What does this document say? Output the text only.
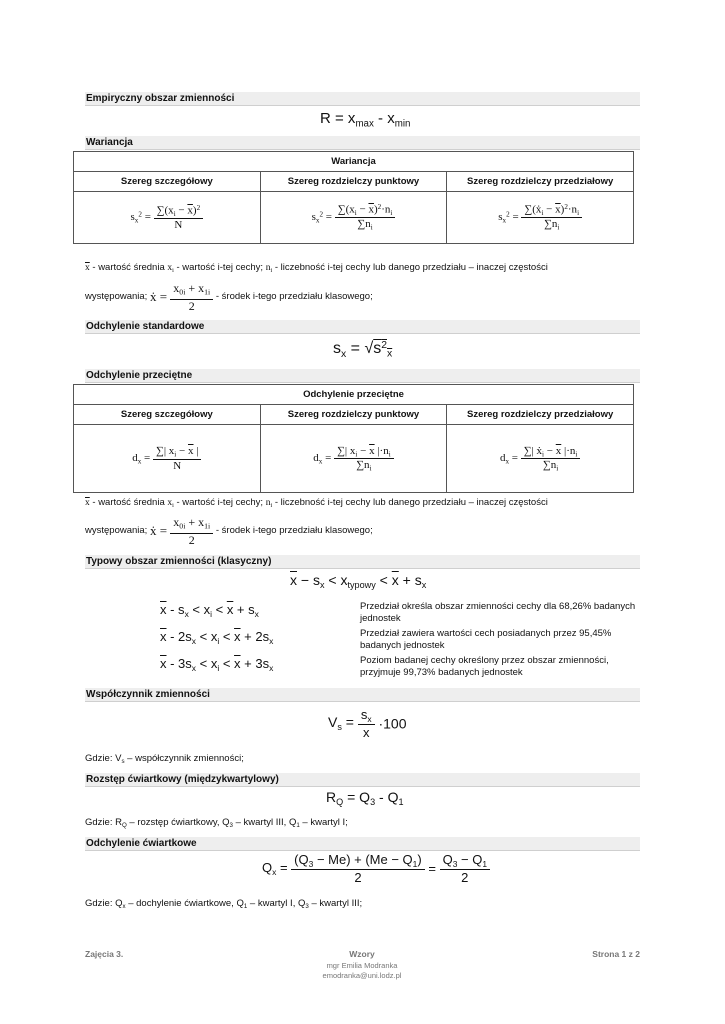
Empiryczny obszar zmienności
$R = x_{max} - x_{min}$
Wariancja
Wariancja		
Szereg szczegółowy	Szereg rozdzielczy punktowy	Szereg rozdzielczy przedziałowy
$s_x^2 = \frac{\sum(x_i - \overline{x})^2}{N}$	$s_x^2 = \frac{\sum(x_i - \overline{x})^2\cdot n_i}{\sum n_i}$	$s_x^2 = \frac{\sum(ẋ_i - \overline{x})^2\cdot n_i}{\sum n_i}$
$\overline{x}$ - wartość średnia $x_i$ - wartość i-tej cechy; $n_i$ - liczebność i-tej cechy lub danego przedziału – inaczej częstości
występowania; ẋ = $\frac{x_{0i} + x_{1i}}{2}$ - środek i-tego przedziału klasowego;
Odchylenie standardowe
$s_x = √s^2_x$
Odchylenie przeciętne
Odchylenie przeciętne		
Szereg szczegółowy	Szereg rozdzielczy punktowy	Szereg rozdzielczy przedziałowy
$d_x = \frac{\sum| x_i - \overline{x} |}{N}$	$d_x = \frac{\sum| x_i - \overline{x} |\cdot n_i}{\sum n_i}$	$d_x = \frac{\sum| ẋ_i - \overline{x} |\cdot n_i}{\sum n_i}$
$\overline{x}$ - wartość średnia $x_i$ - wartość i-tej cechy; $n_i$ - liczebność i-tej cechy lub danego przedziału – inaczej częstości
występowania; ẋ = $\frac{x_{0i} + x_{1i}}{2}$ - środek i-tego przedziału klasowego;
Typowy obszar zmienności (klasyczny)
$\overline{x} - s_x < x_{typowy} < \overline{x} + s_x$
$\overline{x} - s_x < x_i < \overline{x} + s_x$
Przedział określa obszar zmienności cechy dla 68,26% badanych jednostek
$\overline{x} - 2s_x < x_i < \overline{x} + 2s_x$
Przedział zawiera wartości cech posiadanych przez 95,45% badanych jednostek
$\overline{x} - 3s_x < x_i < \overline{x} + 3s_x$
Poziom badanej cechy określony przez obszar zmienności, przyjmuje 99,73% badanych jednostek
Współczynnik zmienności
$V_s = \frac{s_x}{x} \cdot 100$
Gdzie: $V_s$ – współczynnik zmienności;
Rozstęp ćwiartkowy (międzykwartylowy)
$R_Q = Q_3 - Q_1$
Gdzie: $R_Q$ – rozstęp ćwiartkowy, $Q_3$ – kwartyl III, $Q_1$ – kwartyl I;
Odchylenie ćwiartkowe
$Q_x = \frac{(Q_3 - Me) + (Me - Q_1)}{2} = \frac{Q_3 - Q_1}{2}$
Gdzie: $Q_x$ – dochylenie ćwiartkowe, $Q_1$ – kwartyl I, $Q_3$ – kwartyl III;
Zajęcia 3.	Wzory
mgr Emilia Modranka
emodranka@uni.lodz.pl
Strona 1 z 2
